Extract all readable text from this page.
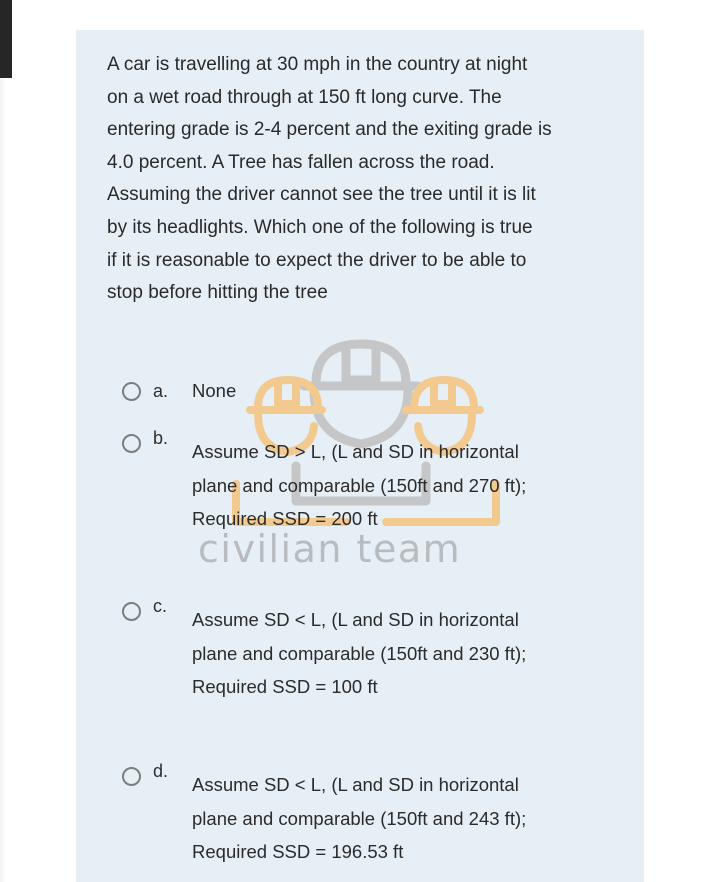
A car is travelling at 30 mph in the country at night
on a wet road through at 150 ft long curve. The
entering grade is 2-4 percent and the exiting grade is
4.0 percent. A Tree has fallen across the road.
Assuming the driver cannot see the tree until it is lit
by its headlights. Which one of the following is true
if it is reasonable to expect the driver to be able to
stop before hitting the tree
a. None
b.
Assume SD > L, (L and SD in horizontal
plane and comparable (150ft and 270 ft);
Required SSD = 200 ft
civilian team
c.
Assume SD < L, (L and SD in horizontal
plane and comparable (150ft and 230 ft);
Required SSD = 100 ft
d.
Assume SD < L, (L and SD in horizontal
plane and comparable (150ft and 243 ft);
Required SSD = 196.53 ft
